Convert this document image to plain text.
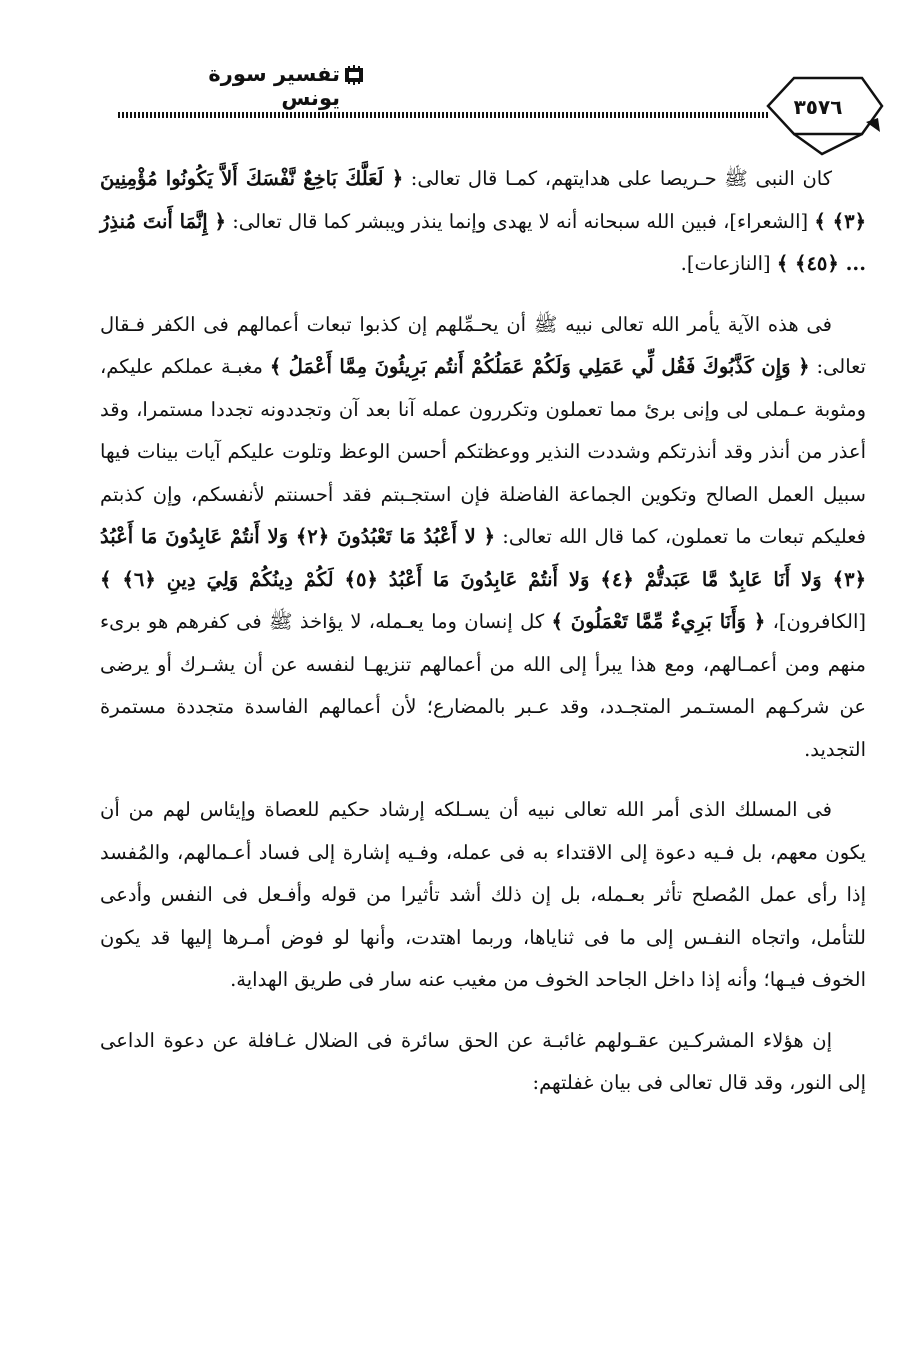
تفسير سورة يونس	٣٥٧٦

كان النبى ﷺ حـريصا على هدايتهم، كمـا قال تعالى: ﴿ لَعَلَّكَ بَاخِعٌ نَّفْسَكَ أَلاَّ يَكُونُوا مُؤْمِنِينَ ﴿٣﴾ ﴾ [الشعراء]، فبين الله سبحانه أنه لا يهدى وإنما ينذر ويبشر كما قال تعالى: ﴿ إِنَّمَا أَنتَ مُنذِرُ ... ﴿٤٥﴾ ﴾ [النازعات].

فى هذه الآية يأمر الله تعالى نبيه ﷺ أن يحـمِّلهم إن كذبوا تبعات أعمالهم فى الكفر فـقال تعالى: ﴿ وَإِن كَذَّبُوكَ فَقُل لِّي عَمَلِي وَلَكُمْ عَمَلُكُمْ أَنتُم بَرِيئُونَ مِمَّا أَعْمَلُ ﴾ مغبـة عملكم عليكم، ومثوبة عـملى لى وإنى برئ مما تعملون وتكررون عمله آنا بعد آن وتجددونه تجددا مستمرا، وقد أعذر من أنذر وقد أنذرتكم وشددت النذير ووعظتكم أحسن الوعظ وتلوت عليكم آيات بينات فيها سبيل العمل الصالح وتكوين الجماعة الفاضلة فإن استجـبتم فقد أحسنتم لأنفسكم، وإن كذبتم فعليكم تبعات ما تعملون، كما قال الله تعالى: ﴿ لا أَعْبُدُ مَا تَعْبُدُونَ ﴿٢﴾ وَلا أَنتُمْ عَابِدُونَ مَا أَعْبُدُ ﴿٣﴾ وَلا أَنَا عَابِدٌ مَّا عَبَدتُّمْ ﴿٤﴾ وَلا أَنتُمْ عَابِدُونَ مَا أَعْبُدُ ﴿٥﴾ لَكُمْ دِينُكُمْ وَلِيَ دِينِ ﴿٦﴾ ﴾ [الكافرون]، ﴿ وَأَنَا بَرِيءٌ مِّمَّا تَعْمَلُونَ ﴾ كل إنسان وما يعـمله، لا يؤاخذ ﷺ فى كفرهم هو برىء منهم ومن أعمـالهم، ومع هذا يبرأ إلى الله من أعمالهم تنزيهـا لنفسه عن أن يشـرك أو يرضى عن شركـهم المستـمر المتجـدد، وقد عـبر بالمضارع؛ لأن أعمالهم الفاسدة متجددة مستمرة التجديد.

فى المسلك الذى أمر الله تعالى نبيه أن يسـلكه إرشاد حكيم للعصاة وإيئاس لهم من أن يكون معهم، بل فـيه دعوة إلى الاقتداء به فى عمله، وفـيه إشارة إلى فساد أعـمالهم، والمُفسد إذا رأى عمل المُصلح تأثر بعـمله، بل إن ذلك أشد تأثيرا من قوله وأفـعل فى النفس وأدعى للتأمل، واتجاه النفـس إلى ما فى ثناياها، وربما اهتدت، وأنها لو فوض أمـرها إليها قد يكون الخوف فيـها؛ وأنه إذا داخل الجاحد الخوف من مغيب عنه سار فى طريق الهداية.

إن هؤلاء المشركـين عقـولهم غائبـة عن الحق سائرة فى الضلال غـافلة عن دعوة الداعى إلى النور، وقد قال تعالى فى بيان غفلتهم:
